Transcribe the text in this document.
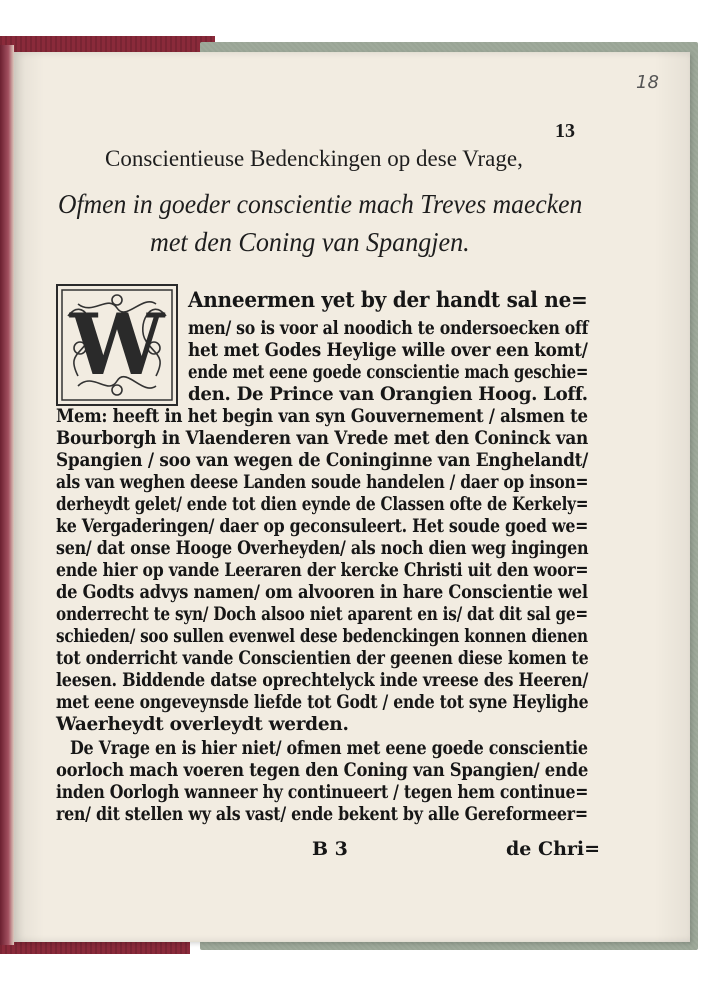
18
13
Conscientieuse Bedenckingen op dese Vrage,
Ofmen in goeder conscientie mach Treves maecken
met den Coning van Spangjen.
W Anneermen yet by der handt sal ne=
men/ so is voor al noodich te ondersoecken off
het met Godes Heylige wille over een komt/
ende met eene goede conscientie mach geschie=
den. De Prince van Orangien Hoog. Loff.
Mem: heeft in het begin van syn Gouvernement / alsmen te
Bourborgh in Vlaenderen van Vrede met den Coninck van
Spangien / soo van wegen de Coninginne van Enghelandt/
als van weghen deese Landen soude handelen / daer op inson=
derheydt gelet/ ende tot dien eynde de Classen ofte de Kerkely=
ke Vergaderingen/ daer op geconsuleert. Het soude goed we=
sen/ dat onse Hooge Overheyden/ als noch dien weg ingingen
ende hier op vande Leeraren der kercke Christi uit den woor=
de Godts advys namen/ om alvooren in hare Conscientie wel
onderrecht te syn/ Doch alsoo niet aparent en is/ dat dit sal ge=
schieden/ soo sullen evenwel dese bedenckingen konnen dienen
tot onderricht vande Conscientien der geenen diese komen te
leesen. Biddende datse oprechtelyck inde vreese des Heeren/
met eene ongeveynsde liefde tot Godt / ende tot syne Heylighe
Waerheydt overleydt werden.
De Vrage en is hier niet/ ofmen met eene goede conscientie
oorloch mach voeren tegen den Coning van Spangien/ ende
inden Oorlogh wanneer hy continueert / tegen hem continue=
ren/ dit stellen wy als vast/ ende bekent by alle Gereformeer=
B 3	de Chri=
